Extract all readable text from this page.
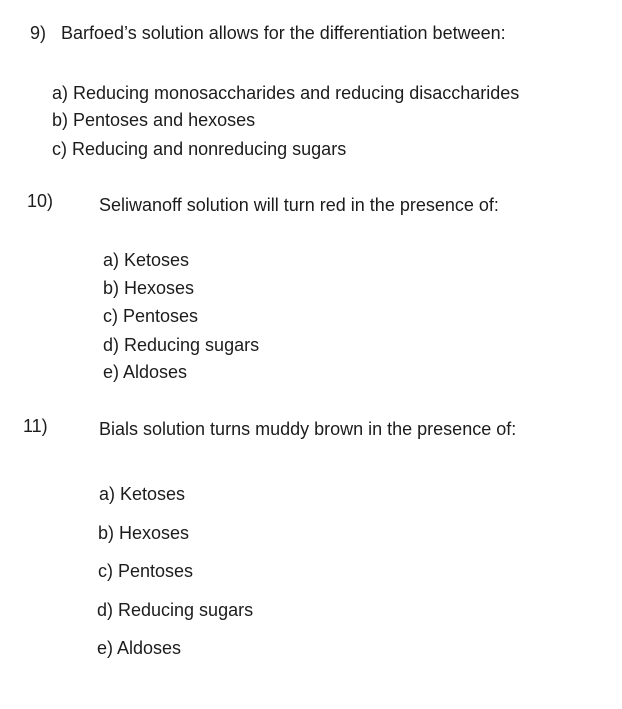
9) Barfoed’s solution allows for the differentiation between:
a) Reducing monosaccharides and reducing disaccharides
b) Pentoses and hexoses
c) Reducing and nonreducing sugars
10)	Seliwanoff solution will turn red in the presence of:
a) Ketoses
b) Hexoses
c) Pentoses
d) Reducing sugars
e) Aldoses
11)	Bials solution turns muddy brown in the presence of:
a) Ketoses
b) Hexoses
c) Pentoses
d) Reducing sugars
e) Aldoses
